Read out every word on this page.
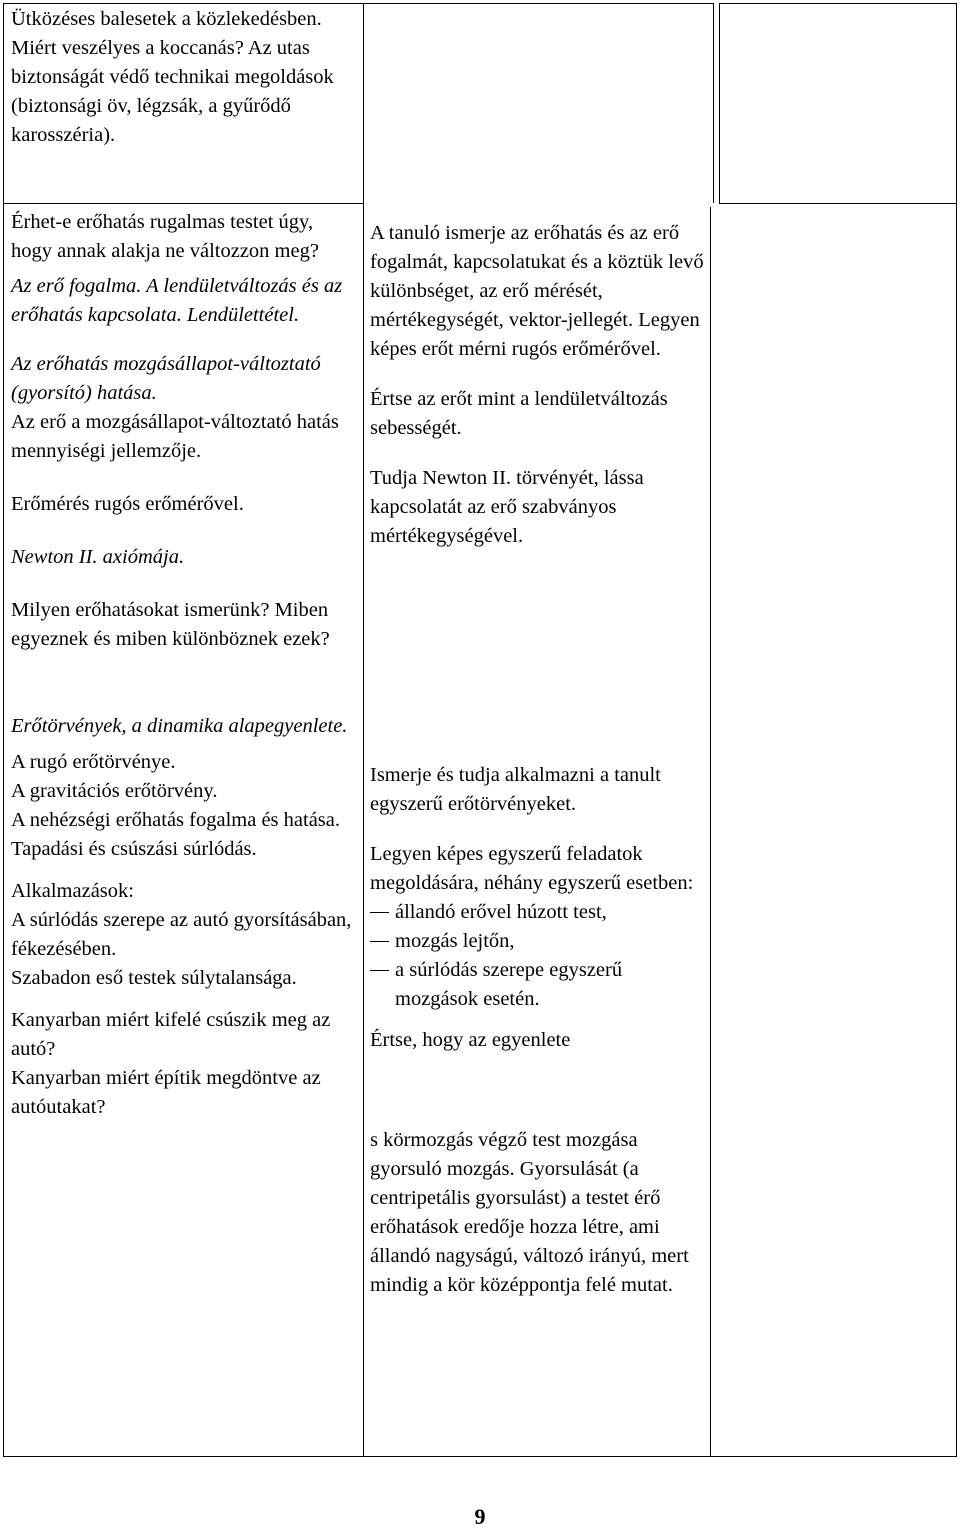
Ütközéses balesetek a közlekedésben. Miért veszélyes a koccanás? Az utas biztonságát védő technikai megoldások (biztonsági öv, légzsák, a gyűrődő karosszéria).

Érhet-e erőhatás rugalmas testet úgy, hogy annak alakja ne változzon meg?

Az erő fogalma. A lendületváltozás és az erőhatás kapcsolata. Lendülettétel.

Az erőhatás mozgásállapot-változtató (gyorsító) hatása.

Az erő a mozgásállapot-változtató hatás mennyiségi jellemzője.

Erőmérés rugós erőmérővel.

Newton II. axiómája.

Milyen erőhatásokat ismerünk? Miben egyeznek és miben különböznek ezek?

Erőtörvények, a dinamika alapegyenlete.

A rugó erőtörvénye.

A gravitációs erőtörvény.

A nehézségi erőhatás fogalma és hatása.

Tapadási és csúszási súrlódás.

Alkalmazások:

A súrlódás szerepe az autó gyorsításában, fékezésében.

Szabadon eső testek súlytalansága.

Kanyarban miért kifelé csúszik meg az autó?

Kanyarban miért építik megdöntve az autóutakat?

A tanuló ismerje az erőhatás és az erő fogalmát, kapcsolatukat és a köztük levő különbséget, az erő mérését, mértékegységét, vektor-jellegét. Legyen képes erőt mérni rugós erőmérővel.

Értse az erőt mint a lendületváltozás sebességét.

Tudja Newton II. törvényét, lássa kapcsolatát az erő szabványos mértékegységével.

Ismerje és tudja alkalmazni a tanult egyszerű erőtörvényeket.

Legyen képes egyszerű feladatok megoldására, néhány egyszerű esetben:

állandó erővel húzott test,
mozgás lejtőn,
a súrlódás szerepe egyszerű mozgások esetén.

Értse, hogy az egyenlete

s körmozgás végző test mozgása gyorsuló mozgás. Gyorsulását (a centripetális gyorsulást) a testet érő erőhatások eredője hozza létre, ami állandó nagyságú, változó irányú, mert mindig a kör középpontja felé mutat.

9
